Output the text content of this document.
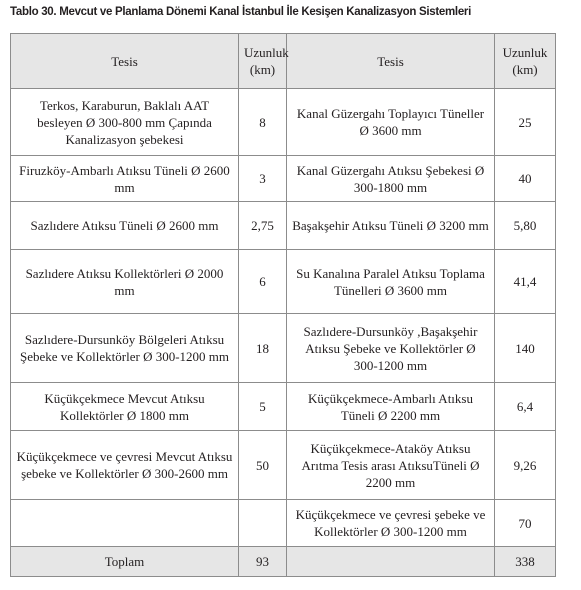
Tablo 30. Mevcut ve Planlama Dönemi Kanal İstanbul İle Kesişen Kanalizasyon Sistemleri
Tesis	Uzunluk (km)	Tesis	Uzunluk (km)
Terkos, Karaburun, Baklalı AAT besleyen Ø 300-800 mm Çapında Kanalizasyon şebekesi	8	Kanal Güzergahı Toplayıcı Tüneller Ø 3600 mm	25
Firuzköy-Ambarlı Atıksu Tüneli Ø 2600 mm	3	Kanal Güzergahı Atıksu Şebekesi Ø 300-1800 mm	40
Sazlıdere Atıksu Tüneli Ø 2600 mm	2,75	Başakşehir Atıksu Tüneli Ø 3200 mm	5,80
Sazlıdere Atıksu Kollektörleri Ø 2000 mm	6	Su Kanalına Paralel Atıksu Toplama Tünelleri Ø 3600 mm	41,4
Sazlıdere-Dursunköy Bölgeleri Atıksu Şebeke ve Kollektörler Ø 300-1200 mm	18	Sazlıdere-Dursunköy ,Başakşehir Atıksu Şebeke ve Kollektörler Ø 300-1200 mm	140
Küçükçekmece Mevcut Atıksu Kollektörler Ø 1800 mm	5	Küçükçekmece-Ambarlı Atıksu Tüneli Ø 2200 mm	6,4
Küçükçekmece ve çevresi Mevcut Atıksu şebeke ve Kollektörler Ø 300-2600 mm	50	Küçükçekmece-Ataköy Atıksu Arıtma Tesis arası AtıksuTüneli Ø 2200 mm	9,26
		Küçükçekmece ve çevresi şebeke ve Kollektörler Ø 300-1200 mm	70
Toplam	93		338
